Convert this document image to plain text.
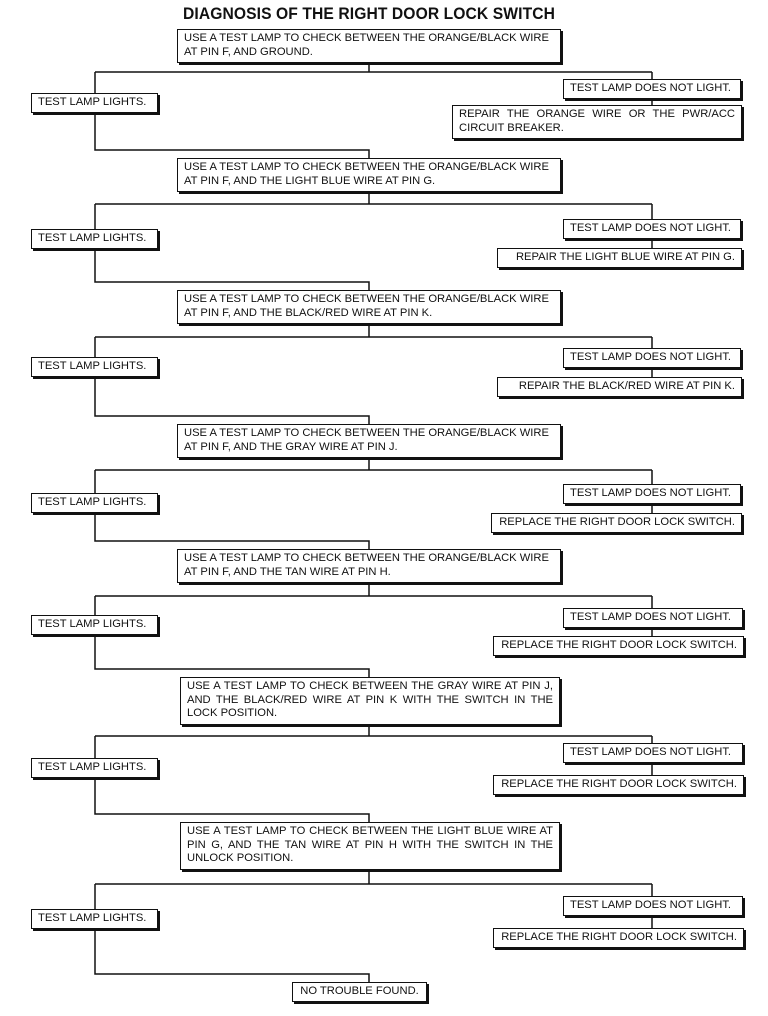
DIAGNOSIS OF THE RIGHT DOOR LOCK SWITCH
USE A TEST LAMP TO CHECK BETWEEN THE ORANGE/BLACK WIRE AT PIN F, AND GROUND.
TEST LAMP LIGHTS.
TEST LAMP DOES NOT LIGHT.
REPAIR THE ORANGE WIRE OR THE PWR/ACC CIRCUIT BREAKER.
USE A TEST LAMP TO CHECK BETWEEN THE ORANGE/BLACK WIRE AT PIN F, AND THE LIGHT BLUE WIRE AT PIN G.
TEST LAMP LIGHTS.
TEST LAMP DOES NOT LIGHT.
REPAIR THE LIGHT BLUE WIRE AT PIN G.
USE A TEST LAMP TO CHECK BETWEEN THE ORANGE/BLACK WIRE AT PIN F, AND THE BLACK/RED WIRE AT PIN K.
TEST LAMP LIGHTS.
TEST LAMP DOES NOT LIGHT.
REPAIR THE BLACK/RED WIRE AT PIN K.
USE A TEST LAMP TO CHECK BETWEEN THE ORANGE/BLACK WIRE AT PIN F, AND THE GRAY WIRE AT PIN J.
TEST LAMP LIGHTS.
TEST LAMP DOES NOT LIGHT.
REPLACE THE RIGHT DOOR LOCK SWITCH.
USE A TEST LAMP TO CHECK BETWEEN THE ORANGE/BLACK WIRE AT PIN F, AND THE TAN WIRE AT PIN H.
TEST LAMP LIGHTS.
TEST LAMP DOES NOT LIGHT.
REPLACE THE RIGHT DOOR LOCK SWITCH.
USE A TEST LAMP TO CHECK BETWEEN THE GRAY WIRE AT PIN J, AND THE BLACK/RED WIRE AT PIN K WITH THE SWITCH IN THE LOCK POSITION.
TEST LAMP LIGHTS.
TEST LAMP DOES NOT LIGHT.
REPLACE THE RIGHT DOOR LOCK SWITCH.
USE A TEST LAMP TO CHECK BETWEEN THE LIGHT BLUE WIRE AT PIN G, AND THE TAN WIRE AT PIN H WITH THE SWITCH IN THE UNLOCK POSITION.
TEST LAMP LIGHTS.
TEST LAMP DOES NOT LIGHT.
REPLACE THE RIGHT DOOR LOCK SWITCH.
NO TROUBLE FOUND.
